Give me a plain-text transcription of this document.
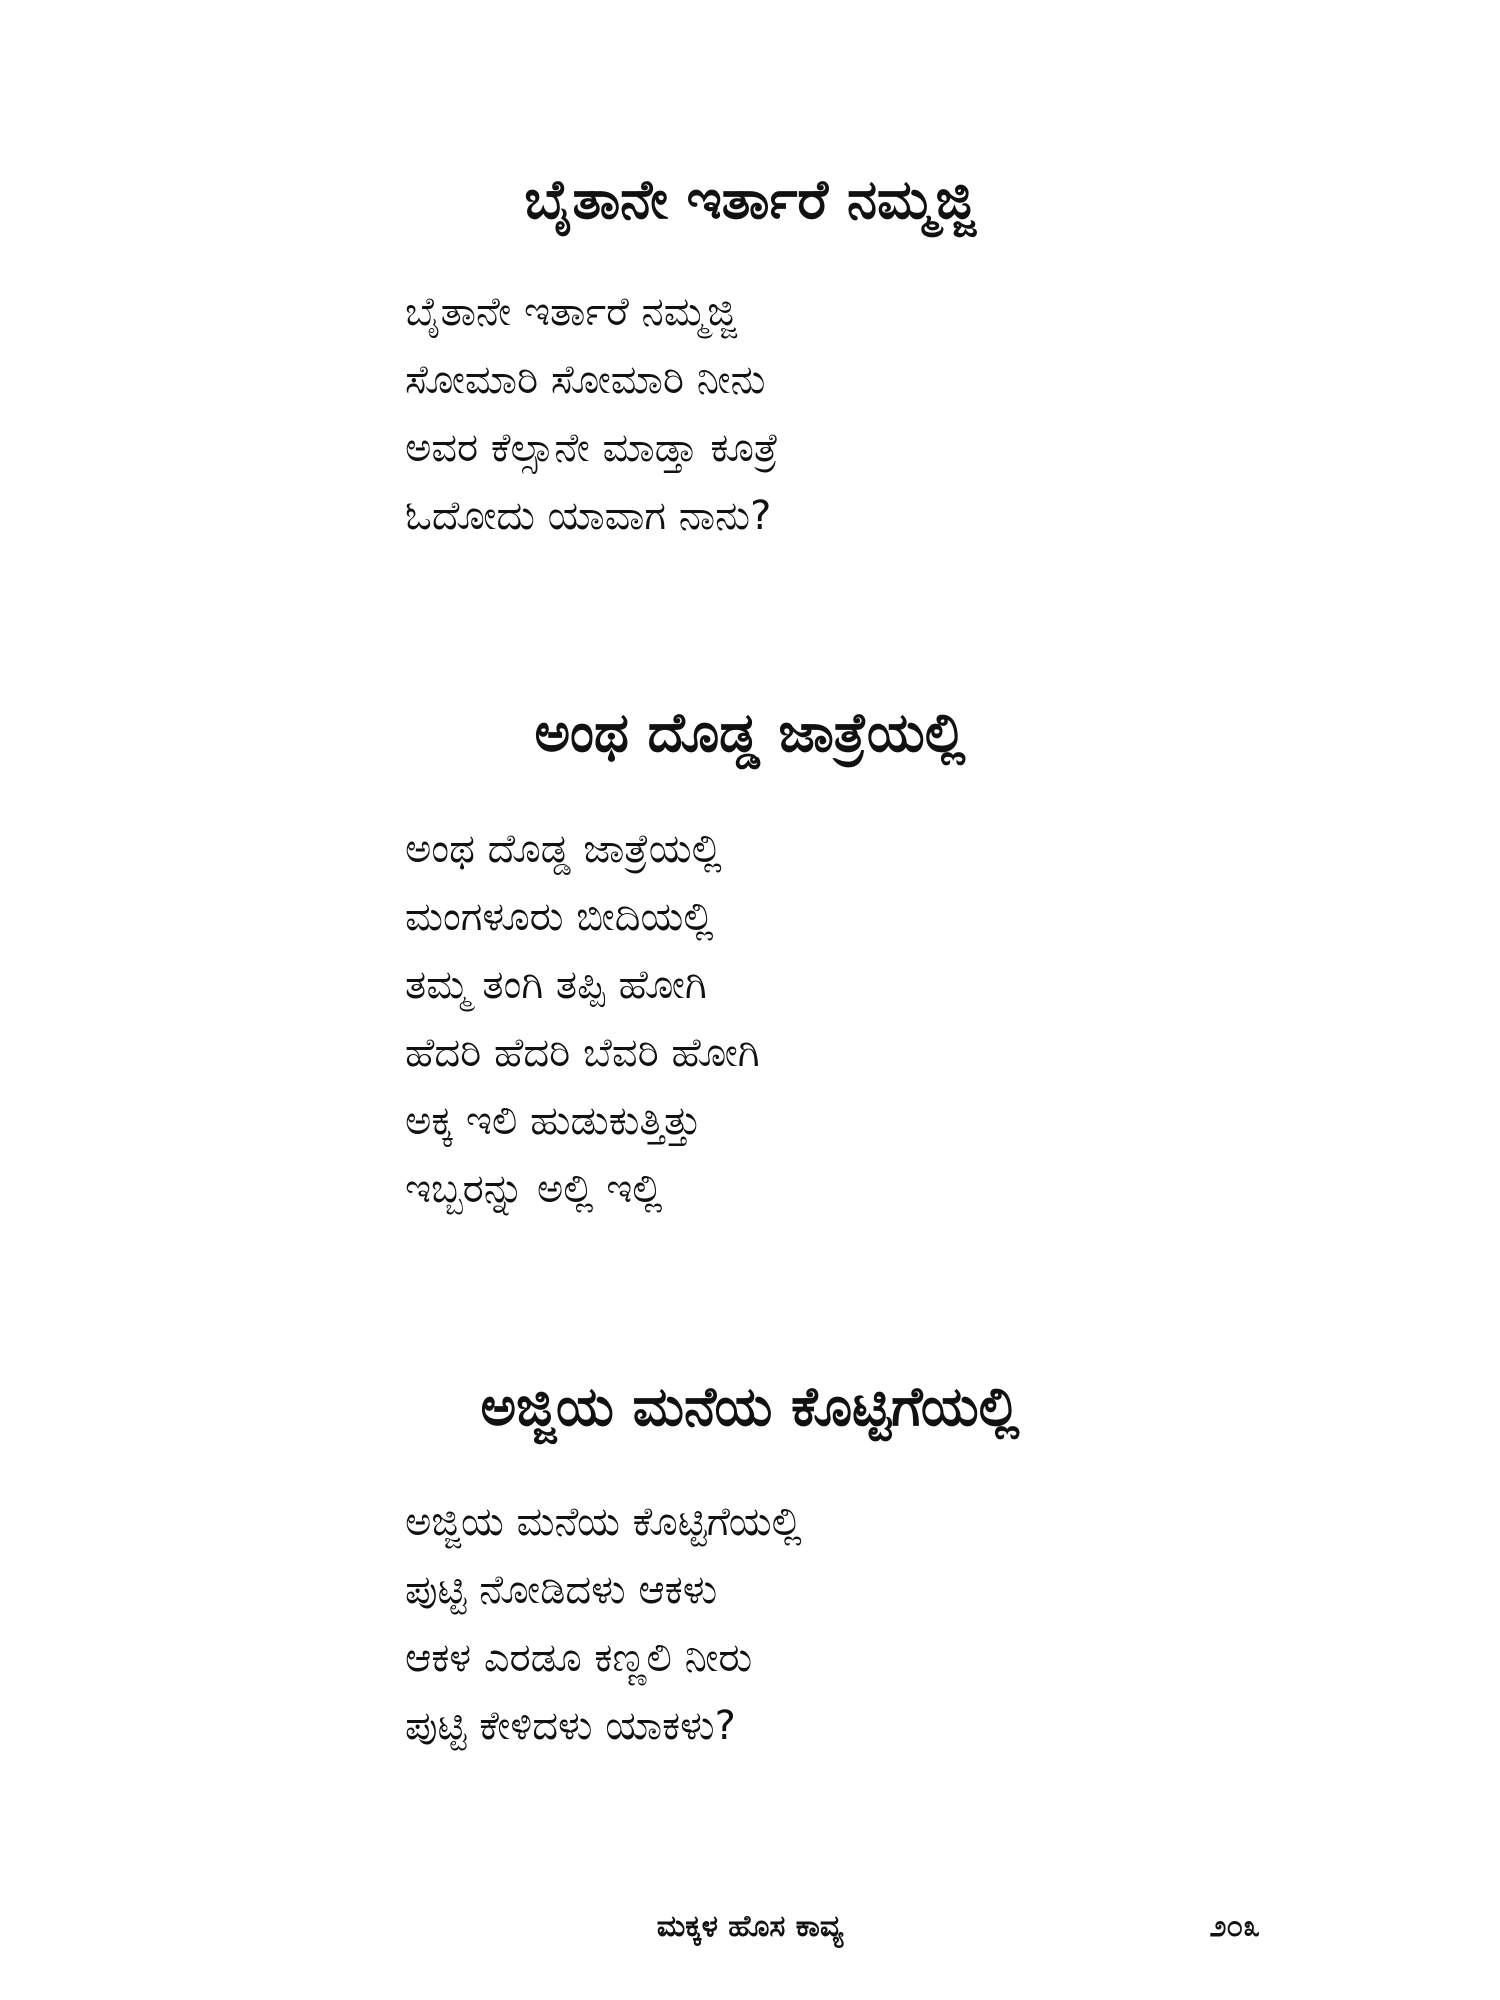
ಬೈತಾನೇ ಇರ್ತಾರೆ ನಮ್ಮಜ್ಜಿ
ಬೈತಾನೇ ಇರ್ತಾರೆ ನಮ್ಮಜ್ಜಿ
ಸೋಮಾರಿ ಸೋಮಾರಿ ನೀನು
ಅವರ ಕೆಲ್ಸಾನೇ ಮಾಡ್ತಾ ಕೂತ್ರೆ
ಓದೋದು ಯಾವಾಗ ನಾನು?
ಅಂಥ ದೊಡ್ಡ ಜಾತ್ರೆಯಲ್ಲಿ
ಅಂಥ ದೊಡ್ಡ ಜಾತ್ರೆಯಲ್ಲಿ
ಮಂಗಳೂರು ಬೀದಿಯಲ್ಲಿ
ತಮ್ಮ ತಂಗಿ ತಪ್ಪಿ ಹೋಗಿ
ಹೆದರಿ ಹೆದರಿ ಬೆವರಿ ಹೋಗಿ
ಅಕ್ಕ ಇಲಿ ಹುಡುಕುತ್ತಿತ್ತು
ಇಬ್ಬರನ್ನು ಅಲ್ಲಿ ಇಲ್ಲಿ
ಅಜ್ಜಿಯ ಮನೆಯ ಕೊಟ್ಟಿಗೆಯಲ್ಲಿ
ಅಜ್ಜಿಯ ಮನೆಯ ಕೊಟ್ಟಿಗೆಯಲ್ಲಿ
ಪುಟ್ಟಿ ನೋಡಿದಳು ಆಕಳು
ಆಕಳ ಎರಡೂ ಕಣ್ಣಲಿ ನೀರು
ಪುಟ್ಟಿ ಕೇಳಿದಳು ಯಾಕಳು?
ಮಕ್ಕಳ ಹೊಸ ಕಾವ್ಯ	೨೦೩
